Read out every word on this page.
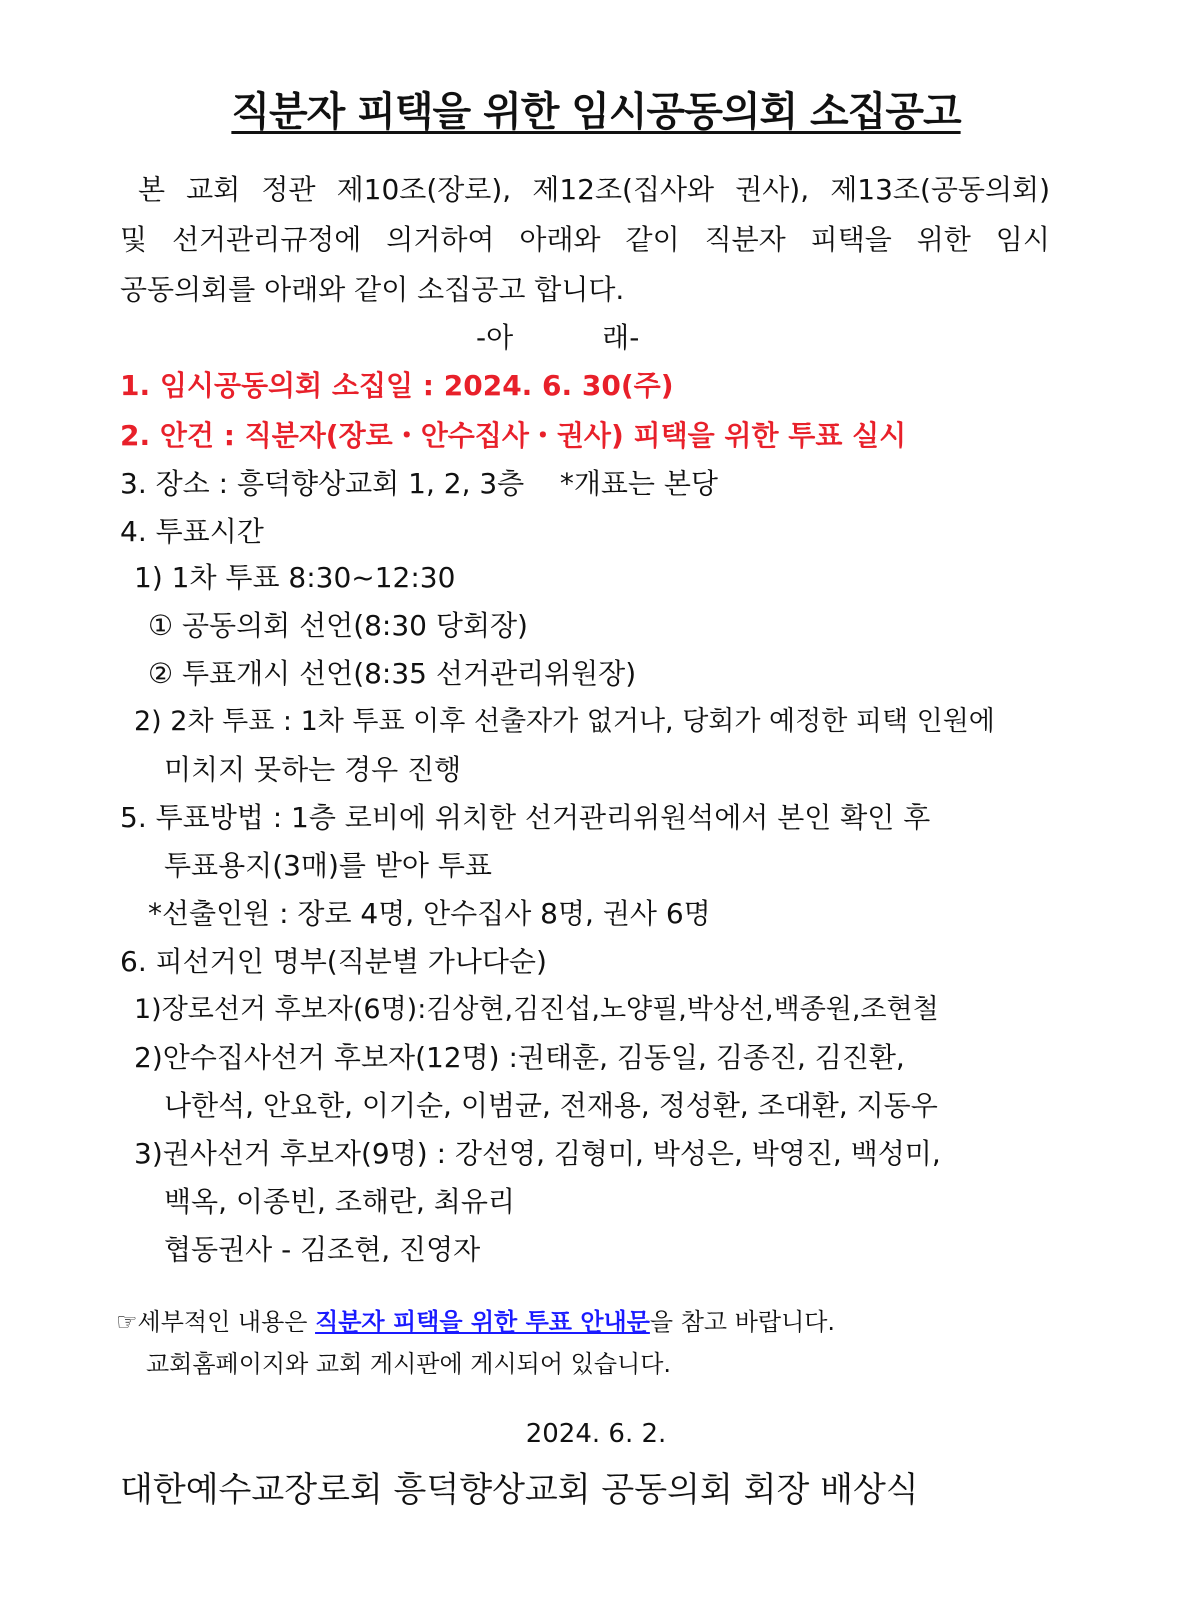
직분자 피택을 위한 임시공동의회 소집공고
본 교회 정관 제10조(장로), 제12조(집사와 권사), 제13조(공동의회)
및 선거관리규정에 의거하여 아래와 같이 직분자 피택을 위한 임시
공동의회를 아래와 같이 소집공고 합니다.
-아          래-
1. 임시공동의회 소집일 : 2024. 6. 30(주)
2. 안건 : 직분자(장로・안수집사・권사) 피택을 위한 투표 실시
3. 장소 : 흥덕향상교회 1, 2, 3층    *개표는 본당
4. 투표시간
1) 1차 투표 8:30~12:30
① 공동의회 선언(8:30 당회장)
② 투표개시 선언(8:35 선거관리위원장)
2) 2차 투표 : 1차 투표 이후 선출자가 없거나, 당회가 예정한 피택 인원에
미치지 못하는 경우 진행
5. 투표방법 : 1층 로비에 위치한 선거관리위원석에서 본인 확인 후
투표용지(3매)를 받아 투표
*선출인원 : 장로 4명, 안수집사 8명, 권사 6명
6. 피선거인 명부(직분별 가나다순)
1)장로선거 후보자(6명):김상현,김진섭,노양필,박상선,백종원,조현철
2)안수집사선거 후보자(12명) :권태훈, 김동일, 김종진, 김진환,
나한석, 안요한, 이기순, 이범균, 전재용, 정성환, 조대환, 지동우
3)권사선거 후보자(9명) : 강선영, 김형미, 박성은, 박영진, 백성미,
백옥, 이종빈, 조해란, 최유리
협동권사 - 김조현, 진영자
☞세부적인 내용은 직분자 피택을 위한 투표 안내문을 참고 바랍니다.
교회홈페이지와 교회 게시판에 게시되어 있습니다.
2024. 6. 2.
대한예수교장로회 흥덕향상교회 공동의회 회장 배상식
